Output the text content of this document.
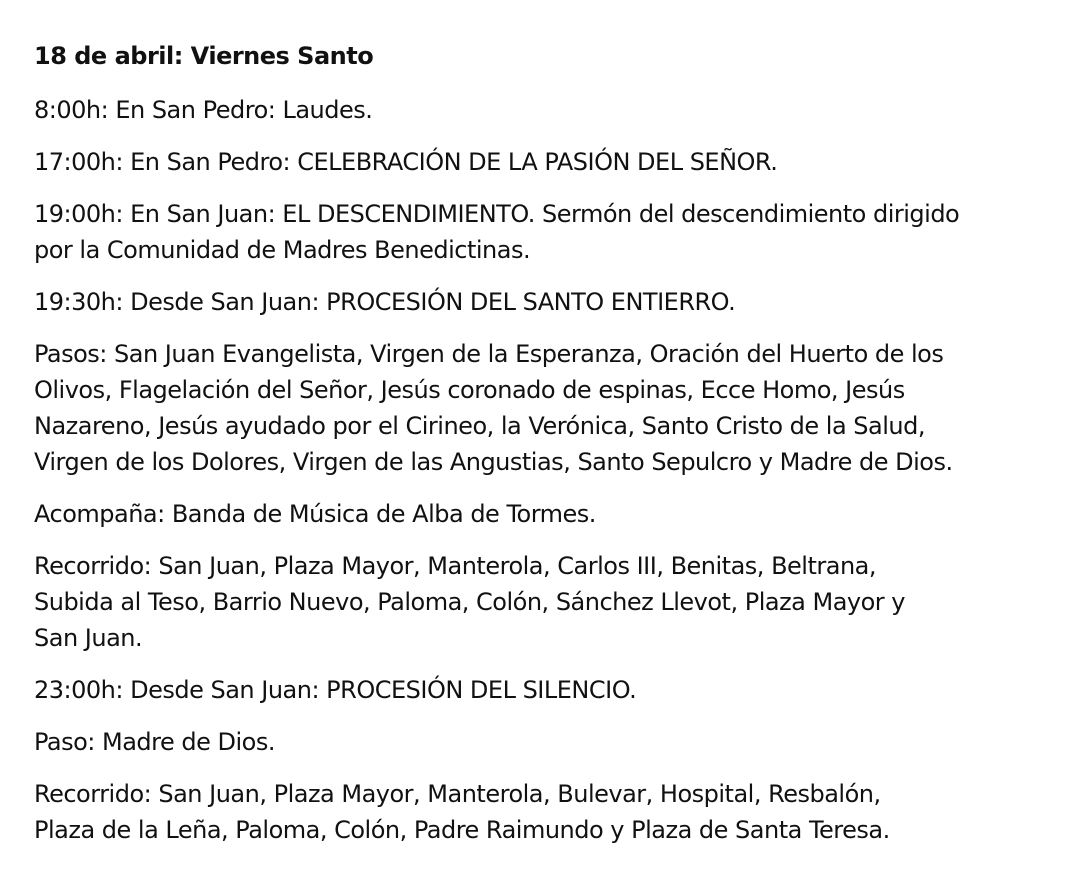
18 de abril: Viernes Santo

8:00h: En San Pedro: Laudes.

17:00h: En San Pedro: CELEBRACIÓN DE LA PASIÓN DEL SEÑOR.

19:00h: En San Juan: EL DESCENDIMIENTO. Sermón del descendimiento dirigido
por la Comunidad de Madres Benedictinas.

19:30h: Desde San Juan: PROCESIÓN DEL SANTO ENTIERRO.

Pasos: San Juan Evangelista, Virgen de la Esperanza, Oración del Huerto de los
Olivos, Flagelación del Señor, Jesús coronado de espinas, Ecce Homo, Jesús
Nazareno, Jesús ayudado por el Cirineo, la Verónica, Santo Cristo de la Salud,
Virgen de los Dolores, Virgen de las Angustias, Santo Sepulcro y Madre de Dios.

Acompaña: Banda de Música de Alba de Tormes.

Recorrido: San Juan, Plaza Mayor, Manterola, Carlos III, Benitas, Beltrana,
Subida al Teso, Barrio Nuevo, Paloma, Colón, Sánchez Llevot, Plaza Mayor y
San Juan.

23:00h: Desde San Juan: PROCESIÓN DEL SILENCIO.

Paso: Madre de Dios.

Recorrido: San Juan, Plaza Mayor, Manterola, Bulevar, Hospital, Resbalón,
Plaza de la Leña, Paloma, Colón, Padre Raimundo y Plaza de Santa Teresa.
